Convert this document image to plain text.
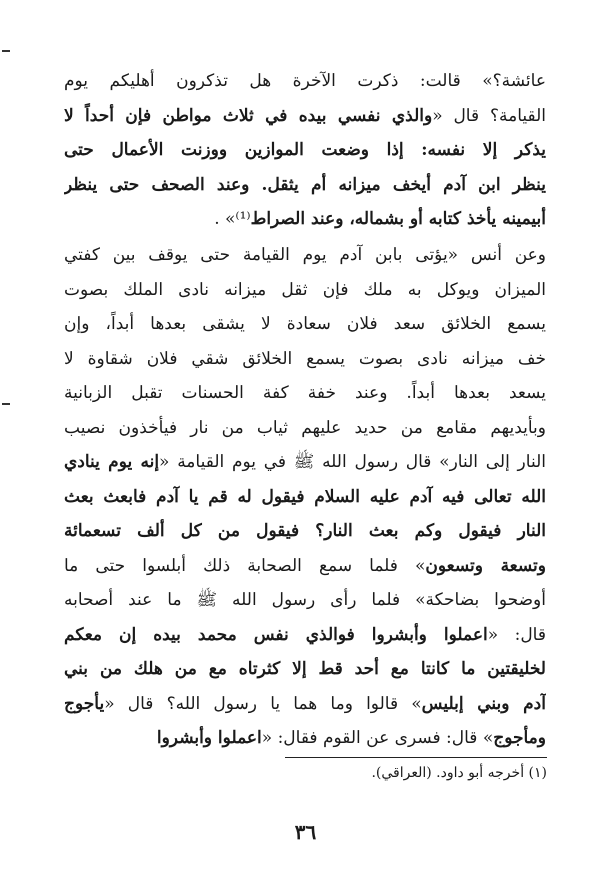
عائشة؟» قالت: ذكرت الآخرة هل تذكرون أهليكم يوم
القيامة؟ قال «والذي نفسي بيده في ثلاث مواطن فإن أحداً لا
يذكر إلا نفسه: إذا وضعت الموازين ووزنت الأعمال حتى
ينظر ابن آدم أيخف ميزانه أم يثقل. وعند الصحف حتى ينظر
أبيمينه يأخذ كتابه أو بشماله، وعند الصراط⁽¹⁾» .
وعن أنس «يؤتى بابن آدم يوم القيامة حتى يوقف بين كفتي
الميزان ويوكل به ملك فإن ثقل ميزانه نادى الملك بصوت
يسمع الخلائق سعد فلان سعادة لا يشقى بعدها أبداً، وإن
خف ميزانه نادى بصوت يسمع الخلائق شقي فلان شقاوة لا
يسعد بعدها أبداً. وعند خفة كفة الحسنات تقبل الزبانية
وبأيديهم مقامع من حديد عليهم ثياب من نار فيأخذون نصيب
النار إلى النار» قال رسول الله ﷺ في يوم القيامة «إنه يوم ينادي
الله تعالى فيه آدم عليه السلام فيقول له قم يا آدم فابعث بعث
النار فيقول وكم بعث النار؟ فيقول من كل ألف تسعمائة
وتسعة وتسعون» فلما سمع الصحابة ذلك أبلسوا حتى ما
أوضحوا بضاحكة» فلما رأى رسول الله ﷺ ما عند أصحابه
قال: «اعملوا وأبشروا فوالذي نفس محمد بيده إن معكم
لخليقتين ما كانتا مع أحد قط إلا كثرتاه مع من هلك من بني
آدم وبني إبليس» قالوا وما هما يا رسول الله؟ قال «يأجوج
ومأجوج» قال: فسرى عن القوم فقال: «اعملوا وأبشروا
(١) أخرجه أبو داود. (العراقي).
٣٦
